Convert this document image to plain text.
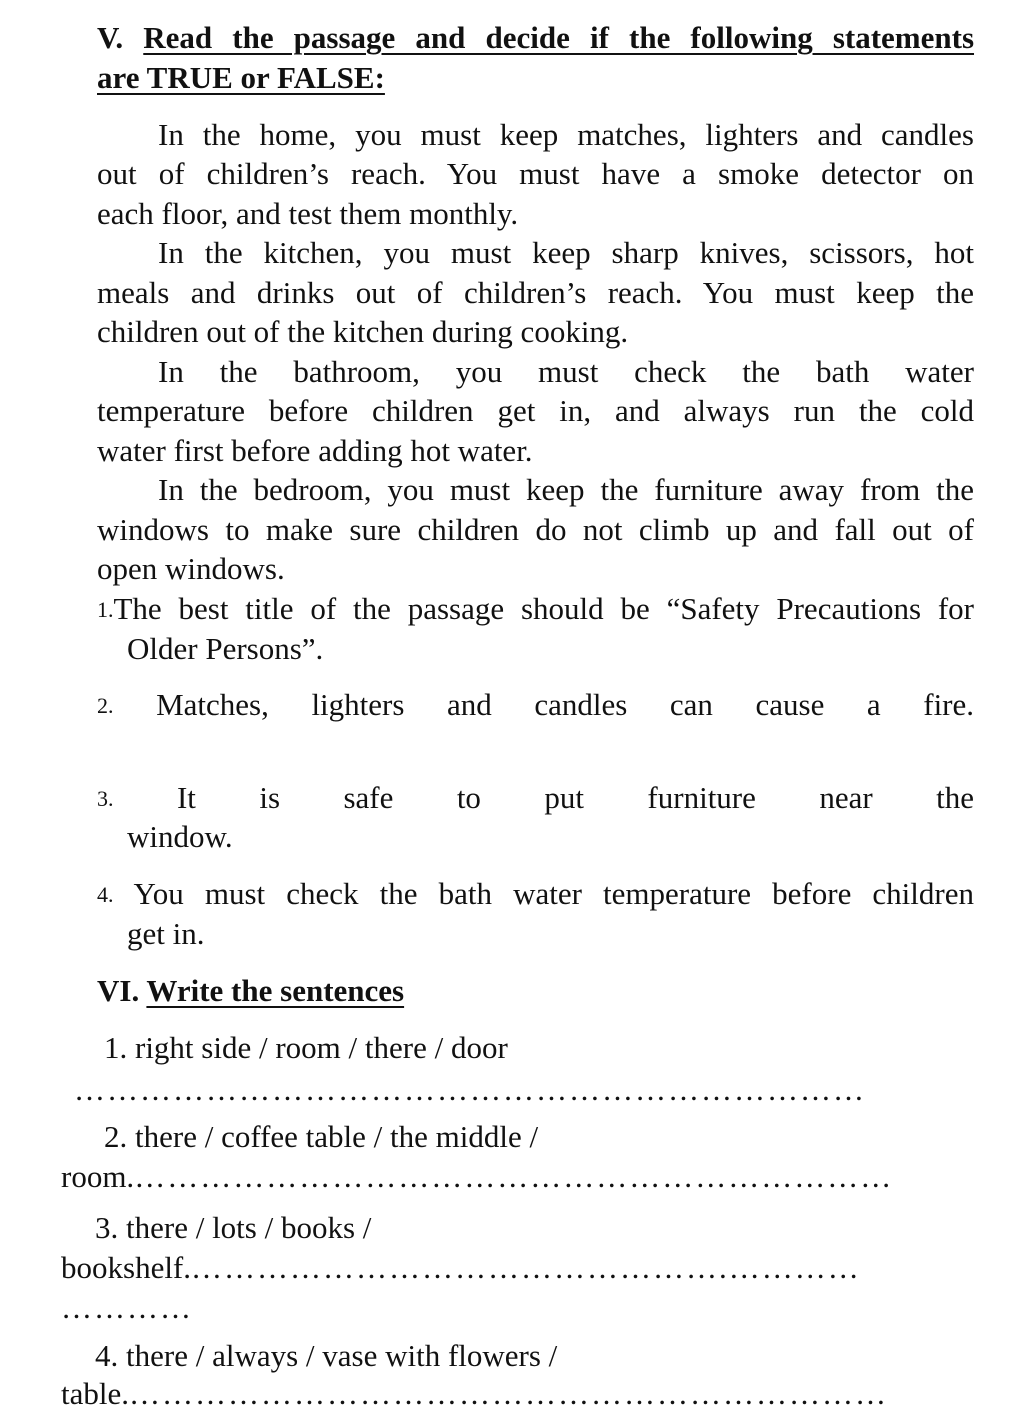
V. Read the passage and decide if the following statements
are TRUE or FALSE:
In the home, you must keep matches, lighters and candles
out of children’s reach. You must have a smoke detector on
each floor, and test them monthly.
In the kitchen, you must keep sharp knives, scissors, hot
meals and drinks out of children’s reach. You must keep the
children out of the kitchen during cooking.
In the bathroom, you must check the bath water
temperature before children get in, and always run the cold
water first before adding hot water.
In the bedroom, you must keep the furniture away from the
windows to make sure children do not climb up and fall out of
open windows.
1.The best title of the passage should be “Safety Precautions for
Older Persons”.
2. Matches, lighters and candles can cause a fire.
3. It is safe to put furniture near the
window.
4. You must check the bath water temperature before children
get in.
VI. Write the sentences
1. right side / room / there / door
………………………………………………………………
2. there / coffee table / the middle /
room.……………………………………………………………
3. there / lots / books /
bookshelf.………………………………………….…………
…………
4. there / always / vase with flowers /
table.……………………………………………………………
